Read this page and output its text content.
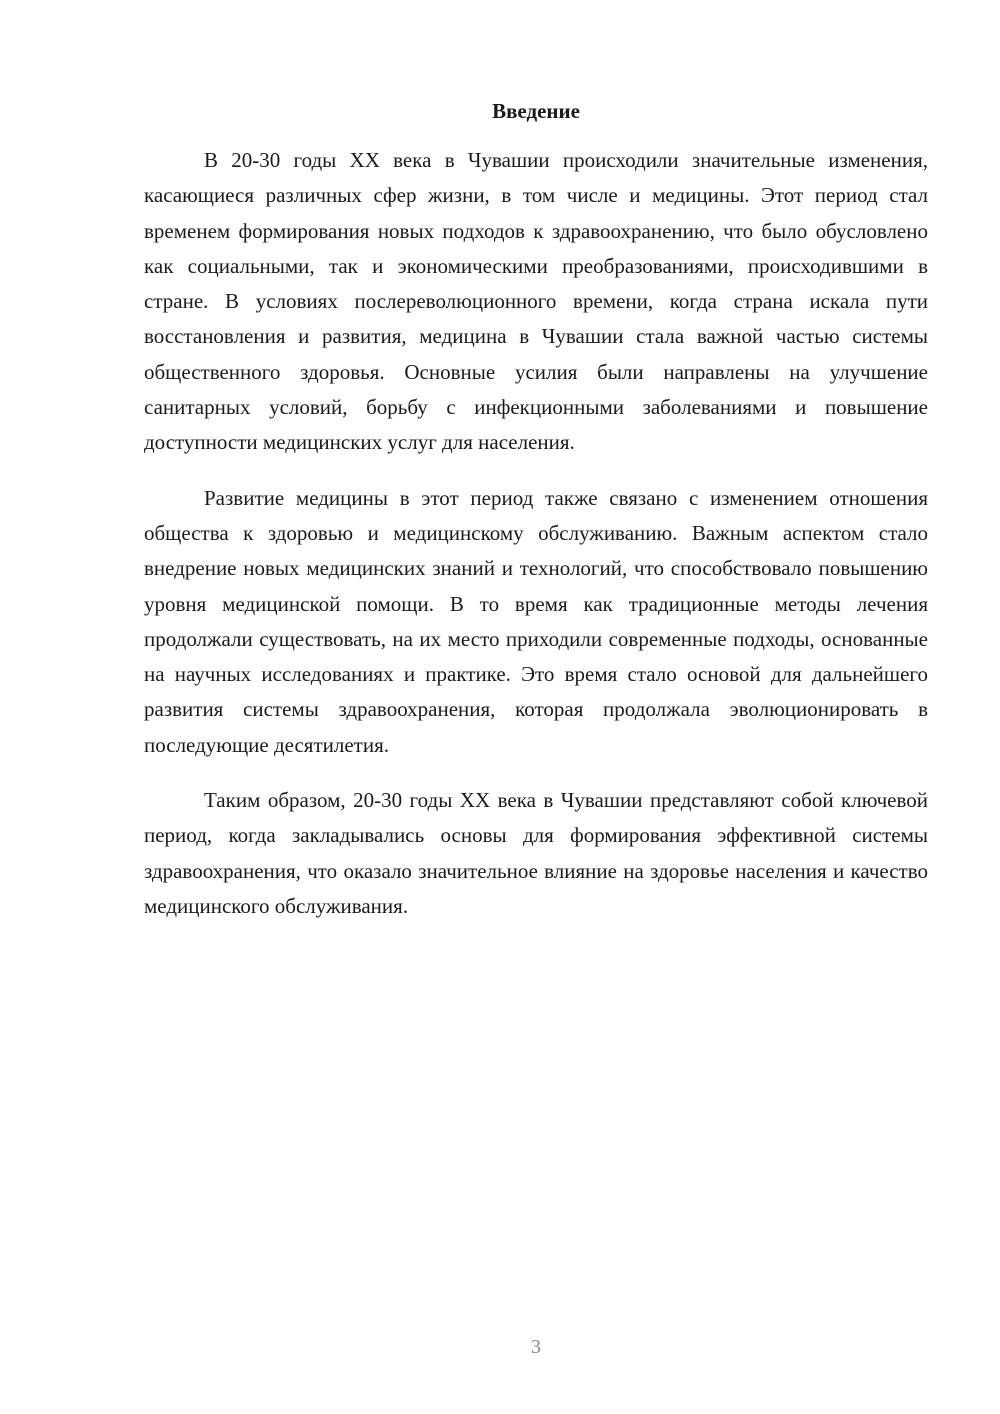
Введение

В 20-30 годы XX века в Чувашии происходили значительные изменения, касающиеся различных сфер жизни, в том числе и медицины. Этот период стал временем формирования новых подходов к здравоохранению, что было обусловлено как социальными, так и экономическими преобразованиями, происходившими в стране. В условиях послереволюционного времени, когда страна искала пути восстановления и развития, медицина в Чувашии стала важной частью системы общественного здоровья. Основные усилия были направлены на улучшение санитарных условий, борьбу с инфекционными заболеваниями и повышение доступности медицинских услуг для населения.

Развитие медицины в этот период также связано с изменением отношения общества к здоровью и медицинскому обслуживанию. Важным аспектом стало внедрение новых медицинских знаний и технологий, что способствовало повышению уровня медицинской помощи. В то время как традиционные методы лечения продолжали существовать, на их место приходили современные подходы, основанные на научных исследованиях и практике. Это время стало основой для дальнейшего развития системы здравоохранения, которая продолжала эволюционировать в последующие десятилетия.

Таким образом, 20-30 годы XX века в Чувашии представляют собой ключевой период, когда закладывались основы для формирования эффективной системы здравоохранения, что оказало значительное влияние на здоровье населения и качество медицинского обслуживания.

3
